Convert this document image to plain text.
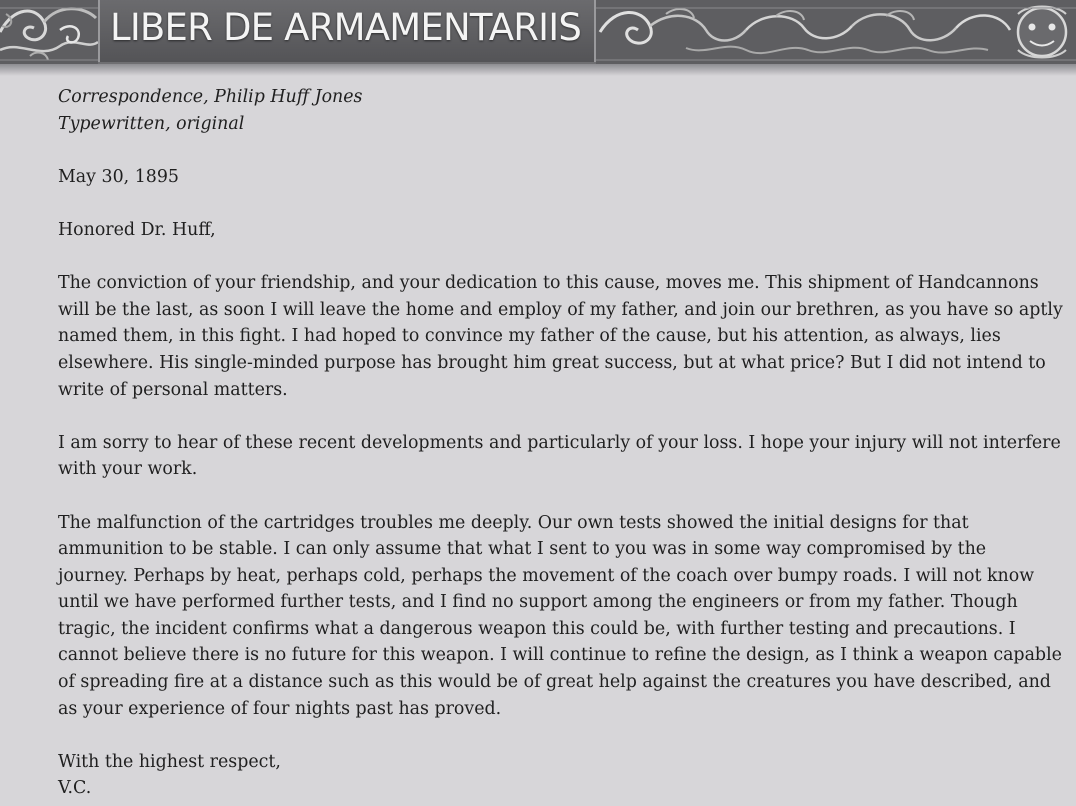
LIBER DE ARMAMENTARIIS
Correspondence, Philip Huff Jones
Typewritten, original
May 30, 1895
Honored Dr. Huff,
The conviction of your friendship, and your dedication to this cause, moves me. This shipment of Handcannons
will be the last, as soon I will leave the home and employ of my father, and join our brethren, as you have so aptly
named them, in this fight. I had hoped to convince my father of the cause, but his attention, as always, lies
elsewhere. His single-minded purpose has brought him great success, but at what price? But I did not intend to
write of personal matters.
I am sorry to hear of these recent developments and particularly of your loss. I hope your injury will not interfere
with your work.
The malfunction of the cartridges troubles me deeply. Our own tests showed the initial designs for that
ammunition to be stable. I can only assume that what I sent to you was in some way compromised by the
journey. Perhaps by heat, perhaps cold, perhaps the movement of the coach over bumpy roads. I will not know
until we have performed further tests, and I find no support among the engineers or from my father. Though
tragic, the incident confirms what a dangerous weapon this could be, with further testing and precautions. I
cannot believe there is no future for this weapon. I will continue to refine the design, as I think a weapon capable
of spreading fire at a distance such as this would be of great help against the creatures you have described, and
as your experience of four nights past has proved.
With the highest respect,
V.C.
